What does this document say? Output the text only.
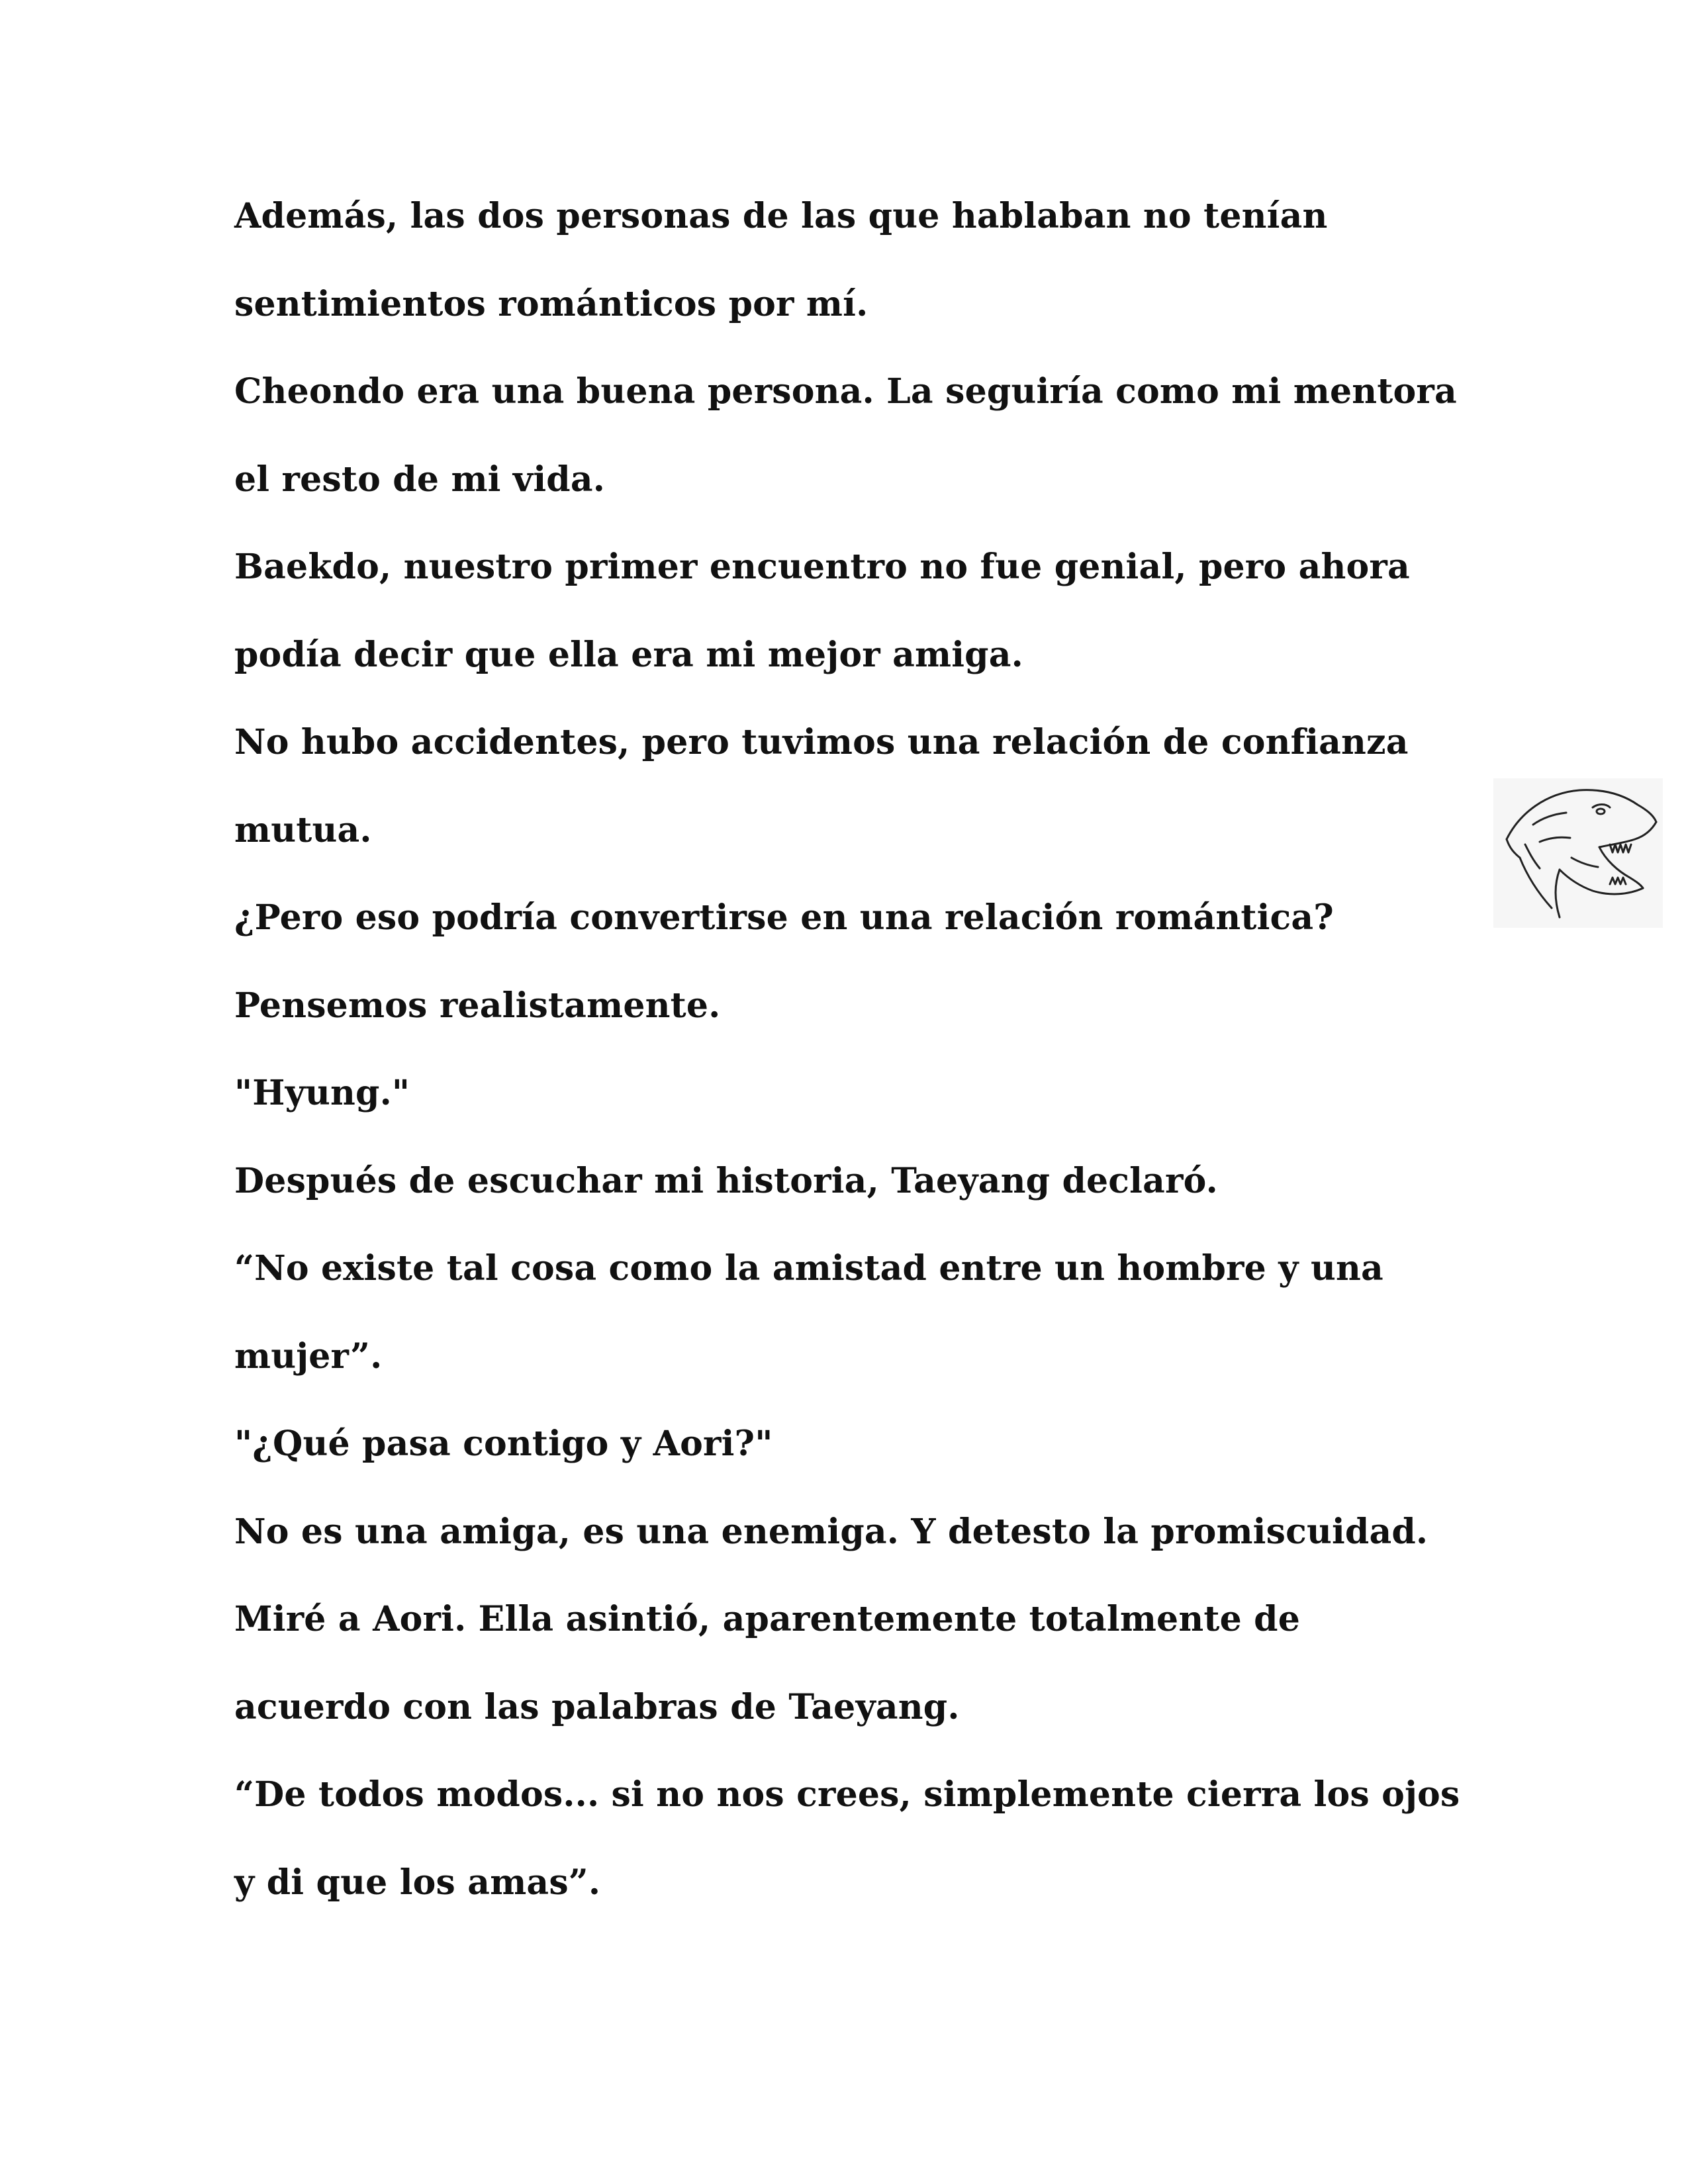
Además, las dos personas de las que hablaban no tenían
sentimientos románticos por mí.
Cheondo era una buena persona. La seguiría como mi mentora
el resto de mi vida.
Baekdo, nuestro primer encuentro no fue genial, pero ahora
podía decir que ella era mi mejor amiga.
No hubo accidentes, pero tuvimos una relación de confianza
mutua.
¿Pero eso podría convertirse en una relación romántica?
Pensemos realistamente.
"Hyung."
Después de escuchar mi historia, Taeyang declaró.
“No existe tal cosa como la amistad entre un hombre y una
mujer”.
"¿Qué pasa contigo y Aori?"
No es una amiga, es una enemiga. Y detesto la promiscuidad.
Miré a Aori. Ella asintió, aparentemente totalmente de
acuerdo con las palabras de Taeyang.
“De todos modos... si no nos crees, simplemente cierra los ojos
y di que los amas”.
